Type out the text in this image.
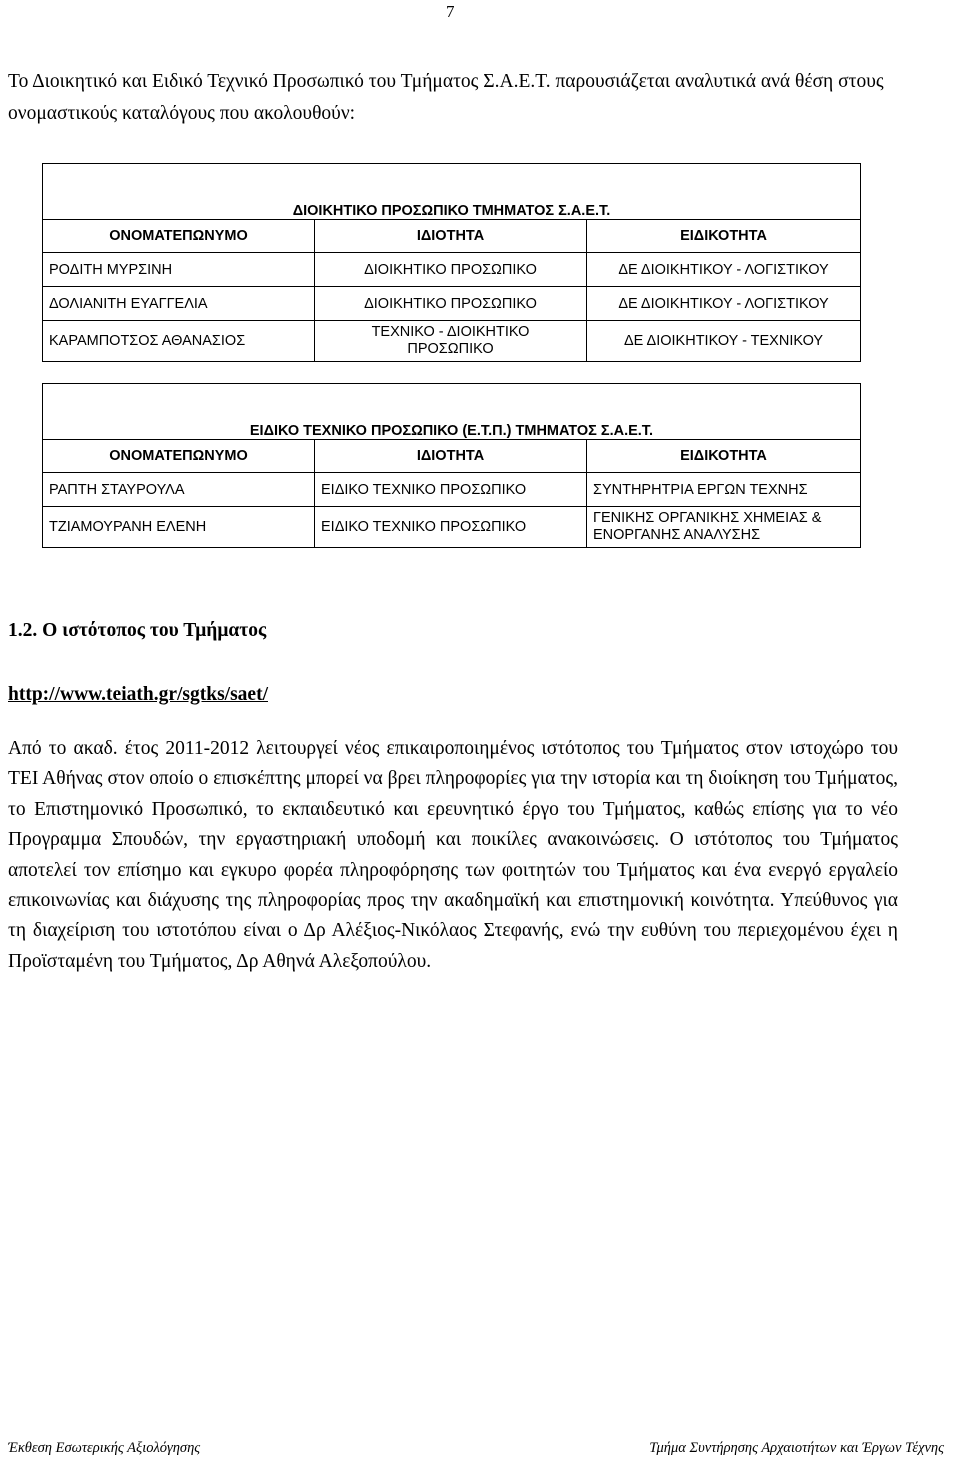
7

Το Διοικητικό και Ειδικό Τεχνικό Προσωπικό του Τμήματος Σ.Α.Ε.Τ. παρουσιάζεται αναλυτικά ανά θέση στους ονομαστικούς καταλόγους που ακολουθούν:

ΔΙΟΙΚΗΤΙΚΟ ΠΡΟΣΩΠΙΚΟ ΤΜΗΜΑΤΟΣ Σ.Α.Ε.Τ.		
ΟΝΟΜΑΤΕΠΩΝΥΜΟ	ΙΔΙΟΤΗΤΑ	ΕΙΔΙΚΟΤΗΤΑ
ΡΟΔΙΤΗ ΜΥΡΣΙΝΗ	ΔΙΟΙΚΗΤΙΚΟ ΠΡΟΣΩΠΙΚΟ	ΔΕ ΔΙΟΙΚΗΤΙΚΟΥ - ΛΟΓΙΣΤΙΚΟΥ
ΔΟΛΙΑΝΙΤΗ ΕΥΑΓΓΕΛΙΑ	ΔΙΟΙΚΗΤΙΚΟ ΠΡΟΣΩΠΙΚΟ	ΔΕ ΔΙΟΙΚΗΤΙΚΟΥ - ΛΟΓΙΣΤΙΚΟΥ
ΚΑΡΑΜΠΟΤΣΟΣ ΑΘΑΝΑΣΙΟΣ	ΤΕΧΝΙΚΟ - ΔΙΟΙΚΗΤΙΚΟ ΠΡΟΣΩΠΙΚΟ	ΔΕ ΔΙΟΙΚΗΤΙΚΟΥ - ΤΕΧΝΙΚΟΥ
ΕΙΔΙΚΟ ΤΕΧΝΙΚΟ ΠΡΟΣΩΠΙΚΟ (Ε.Τ.Π.) ΤΜΗΜΑΤΟΣ Σ.Α.Ε.Τ.		
ΟΝΟΜΑΤΕΠΩΝΥΜΟ	ΙΔΙΟΤΗΤΑ	ΕΙΔΙΚΟΤΗΤΑ
ΡΑΠΤΗ ΣΤΑΥΡΟΥΛΑ	ΕΙΔΙΚΟ ΤΕΧΝΙΚΟ ΠΡΟΣΩΠΙΚΟ	ΣΥΝΤΗΡΗΤΡΙΑ ΕΡΓΩΝ ΤΕΧΝΗΣ
ΤΖΙΑΜΟΥΡΑΝΗ ΕΛΕΝΗ	ΕΙΔΙΚΟ ΤΕΧΝΙΚΟ ΠΡΟΣΩΠΙΚΟ	ΓΕΝΙΚΗΣ ΟΡΓΑΝΙΚΗΣ ΧΗΜΕΙΑΣ & ΕΝΟΡΓΑΝΗΣ ΑΝΑΛΥΣΗΣ
1.2. Ο ιστότοπος του Τμήματος
http://www.teiath.gr/sgtks/saet/

Από το ακαδ. έτος 2011-2012 λειτουργεί νέος επικαιροποιημένος ιστότοπος του Τμήματος στον ιστοχώρο του ΤΕΙ Αθήνας στον οποίο ο επισκέπτης μπορεί να βρει πληροφορίες για την ιστορία και τη διοίκηση του Τμήματος, το Επιστημονικό Προσωπικό, το εκπαιδευτικό και ερευνητικό έργο του Τμήματος, καθώς επίσης για το νέο Προγραμμα Σπουδών, την εργαστηριακή υποδομή και ποικίλες ανακοινώσεις. Ο ιστότοπος του Τμήματος αποτελεί τον επίσημο και εγκυρο φορέα πληροφόρησης των φοιτητών του Τμήματος και ένα ενεργό εργαλείο επικοινωνίας και διάχυσης της πληροφορίας προς την ακαδημαϊκή και επιστημονική κοινότητα. Υπεύθυνος για τη διαχείριση του ιστοτόπου είναι ο Δρ Αλέξιος-Νικόλαος Στεφανής, ενώ την ευθύνη του περιεχομένου έχει η Προϊσταμένη του Τμήματος, Δρ Αθηνά Αλεξοπούλου.

Έκθεση Εσωτερικής Αξιολόγησης	Τμήμα Συντήρησης Αρχαιοτήτων και Έργων Τέχνης
